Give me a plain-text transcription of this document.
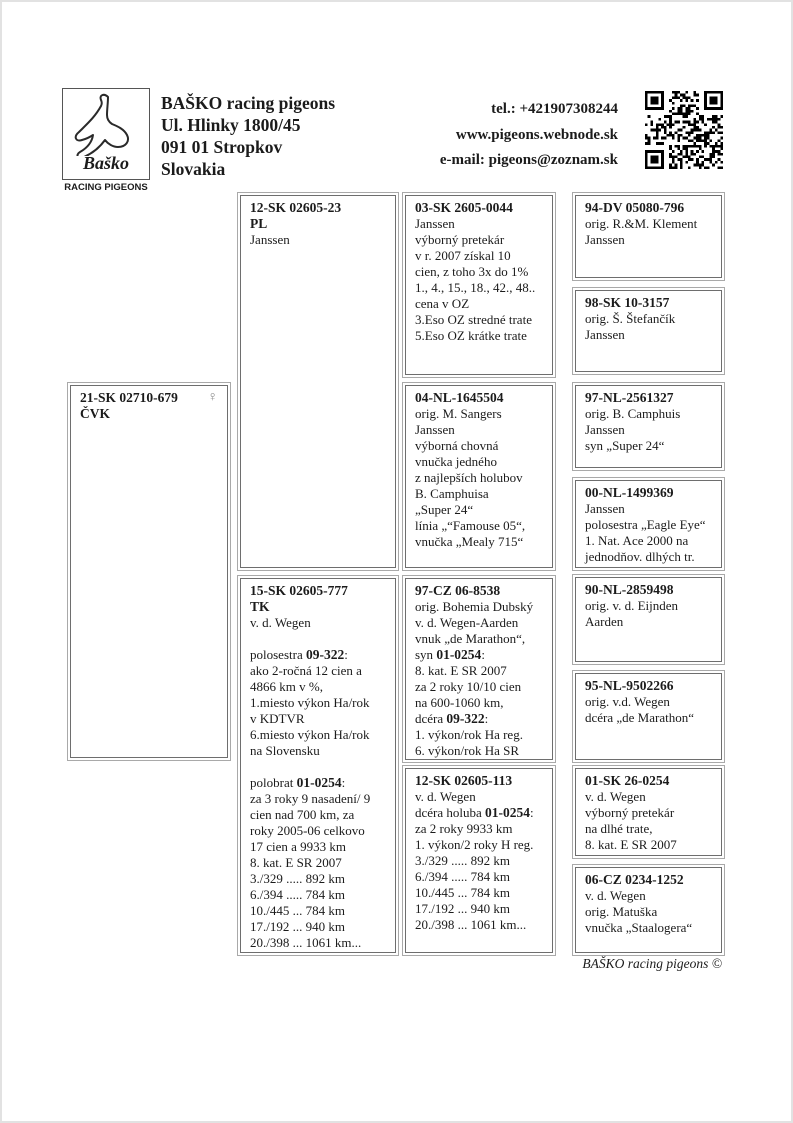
Baško
RACING PIGEONS
BAŠKO racing pigeons
Ul. Hlinky 1800/45
091 01 Stropkov
Slovakia
tel.: +421907308244
www.pigeons.webnode.sk
e-mail: pigeons@zoznam.sk
♀
21-SK 02710-679
ČVK
12-SK 02605-23
PL
Janssen
15-SK 02605-777
TK
v. d. Wegen

polosestra 09-322:
ako 2-ročná 12 cien a
4866 km v %,
1.miesto výkon Ha/rok
v KDTVR
6.miesto výkon Ha/rok
na Slovensku

polobrat 01-0254:
za 3 roky 9 nasadení/ 9
cien nad 700 km, za
roky 2005-06 celkovo
17 cien a 9933 km
8. kat. E SR 2007
3./329 ..... 892 km
6./394 ..... 784 km
10./445 ... 784 km
17./192 ... 940 km
20./398 ... 1061 km...
03-SK 2605-0044
Janssen
výborný pretekár
v r. 2007 získal 10
cien, z toho 3x do 1%
1., 4., 15., 18., 42., 48..
cena v OZ
3.Eso OZ stredné trate
5.Eso OZ krátke trate
04-NL-1645504
orig. M. Sangers
Janssen
výborná chovná
vnučka jedného
z najlepších holubov
B. Camphuisa
„Super 24“
línia „“Famouse 05“,
vnučka „Mealy 715“
97-CZ 06-8538
orig. Bohemia Dubský
v. d. Wegen-Aarden
vnuk „de Marathon“,
syn 01-0254:
8. kat. E SR 2007
za 2 roky 10/10 cien
na 600-1060 km,
dcéra 09-322:
1. výkon/rok Ha reg.
6. výkon/rok Ha SR
12-SK 02605-113
v. d. Wegen
dcéra holuba 01-0254:
za 2 roky 9933 km
1. výkon/2 roky H reg.
3./329 ..... 892 km
6./394 ..... 784 km
10./445 ... 784 km
17./192 ... 940 km
20./398 ... 1061 km...
94-DV 05080-796
orig. R.&M. Klement
Janssen
98-SK 10-3157
orig. Š. Štefančík
Janssen
97-NL-2561327
orig. B. Camphuis
Janssen
syn „Super 24“
00-NL-1499369
Janssen
polosestra „Eagle Eye“
1. Nat. Ace 2000 na
jednodňov. dlhých tr.
90-NL-2859498
orig. v. d. Eijnden
Aarden
95-NL-9502266
orig. v.d. Wegen
dcéra „de Marathon“
01-SK 26-0254
v. d. Wegen
výborný pretekár
na dlhé trate,
8. kat. E SR 2007
06-CZ 0234-1252
v. d. Wegen
orig. Matuška
vnučka „Staalogera“
BAŠKO racing pigeons ©
